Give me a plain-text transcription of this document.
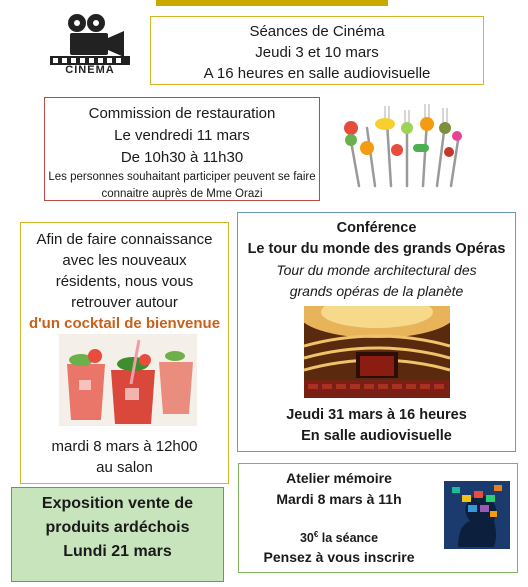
CINEMA
Séances de Cinéma
Jeudi 3 et 10 mars
A 16 heures en salle audiovisuelle
Commission de restauration
Le vendredi 11 mars
De 10h30 à 11h30
Les personnes souhaitant participer peuvent se faire
connaitre auprès de Mme Orazi
Afin de faire connaissance
avec les nouveaux
résidents, nous vous
retrouver autour
d'un cocktail de bienvenue
mardi 8 mars à 12h00
au salon
Conférence
Le tour du monde des grands Opéras
Tour du monde architectural des
grands opéras de la planète
Jeudi 31 mars à 16 heures
En salle audiovisuelle
Atelier mémoire
Mardi 8 mars à 11h
30€ la séance
Pensez à vous inscrire
Exposition vente de
produits ardéchois
Lundi 21 mars
